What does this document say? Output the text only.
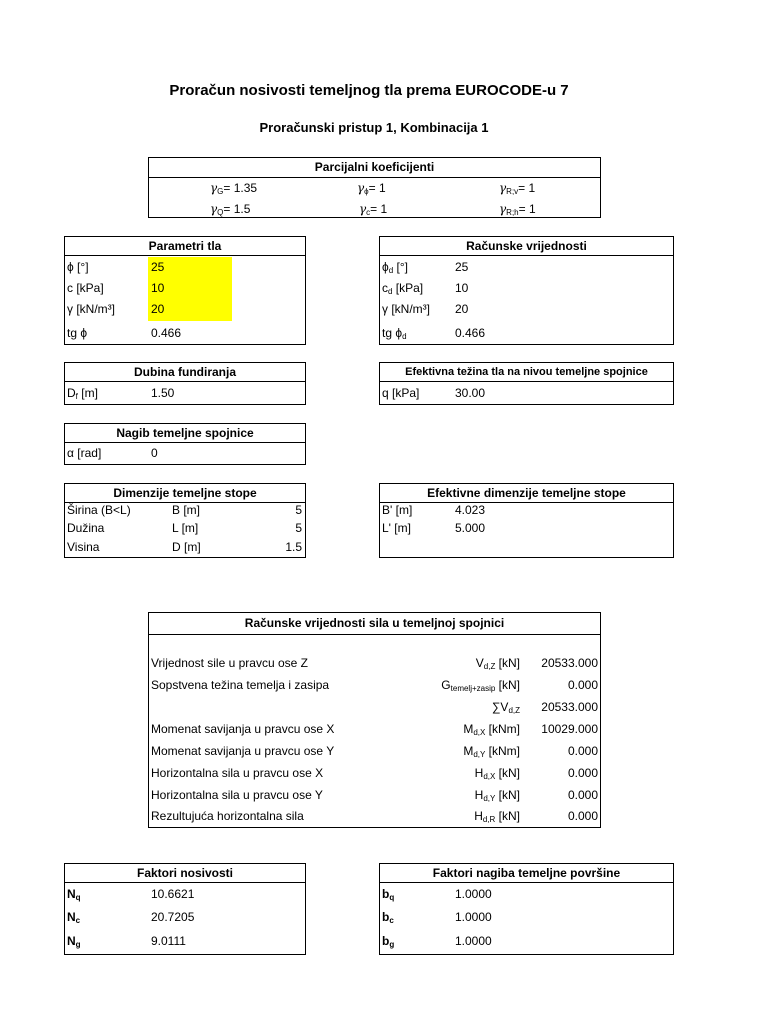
Proračun nosivosti temeljnog tla prema EUROCODE-u 7
Proračunski pristup 1, Kombinacija 1
Parcijalni koeficijenti
$\gamma_G= 1.35$	$\gamma_\phi= 1$	$\gamma_{R;v}= 1$
$\gamma_Q= 1.5$	$\gamma_c= 1$	$\gamma_{R;h}= 1$
Parametri tla
ϕ [°]	25
c [kPa]	10
γ [kN/m³]	20
tg ϕ	0.466
Računske vrijednosti
$\phi_d$ [°]	25
$c_d$ [kPa]	10
γ [kN/m³] 20
tg $\phi_d$	0.466
Dubina fundiranja
$D_f$ [m]	1.50
Efektivna težina tla na nivou temeljne spojnice
q [kPa]	30.00
Nagib temeljne spojnice
α [rad]	0
Dimenzije temeljne stope
Širina (B<L)	B [m]	5
Dužina	L [m]	5
Visina	D [m]	1.5
Efektivne dimenzije temeljne stope
B' [m]	4.023
L' [m]	5.000
Računske vrijednosti sila u temeljnoj spojnici
Vrijednost sile u pravcu ose Z	$V_{d,Z}$ [kN]	20533.000
Sopstvena težina temelja i zasipa	$G_{temelj+zasip}$ [kN]	0.000
$\sum V_{d,Z}$	20533.000
Momenat savijanja u pravcu ose X	$M_{d,X}$ [kNm]	10029.000
Momenat savijanja u pravcu ose Y	$M_{d,Y}$ [kNm]	0.000
Horizontalna sila u pravcu ose X	$H_{d,X}$ [kN]	0.000
Horizontalna sila u pravcu ose Y	$H_{d,Y}$ [kN]	0.000
Rezultujuća horizontalna sila	$H_{d,R}$ [kN]	0.000
Faktori nosivosti
$N_q$	10.6621
$N_c$	20.7205
$N_g$	9.0111
Faktori nagiba temeljne površine
$b_q$	1.0000
$b_c$	1.0000
$b_g$	1.0000
